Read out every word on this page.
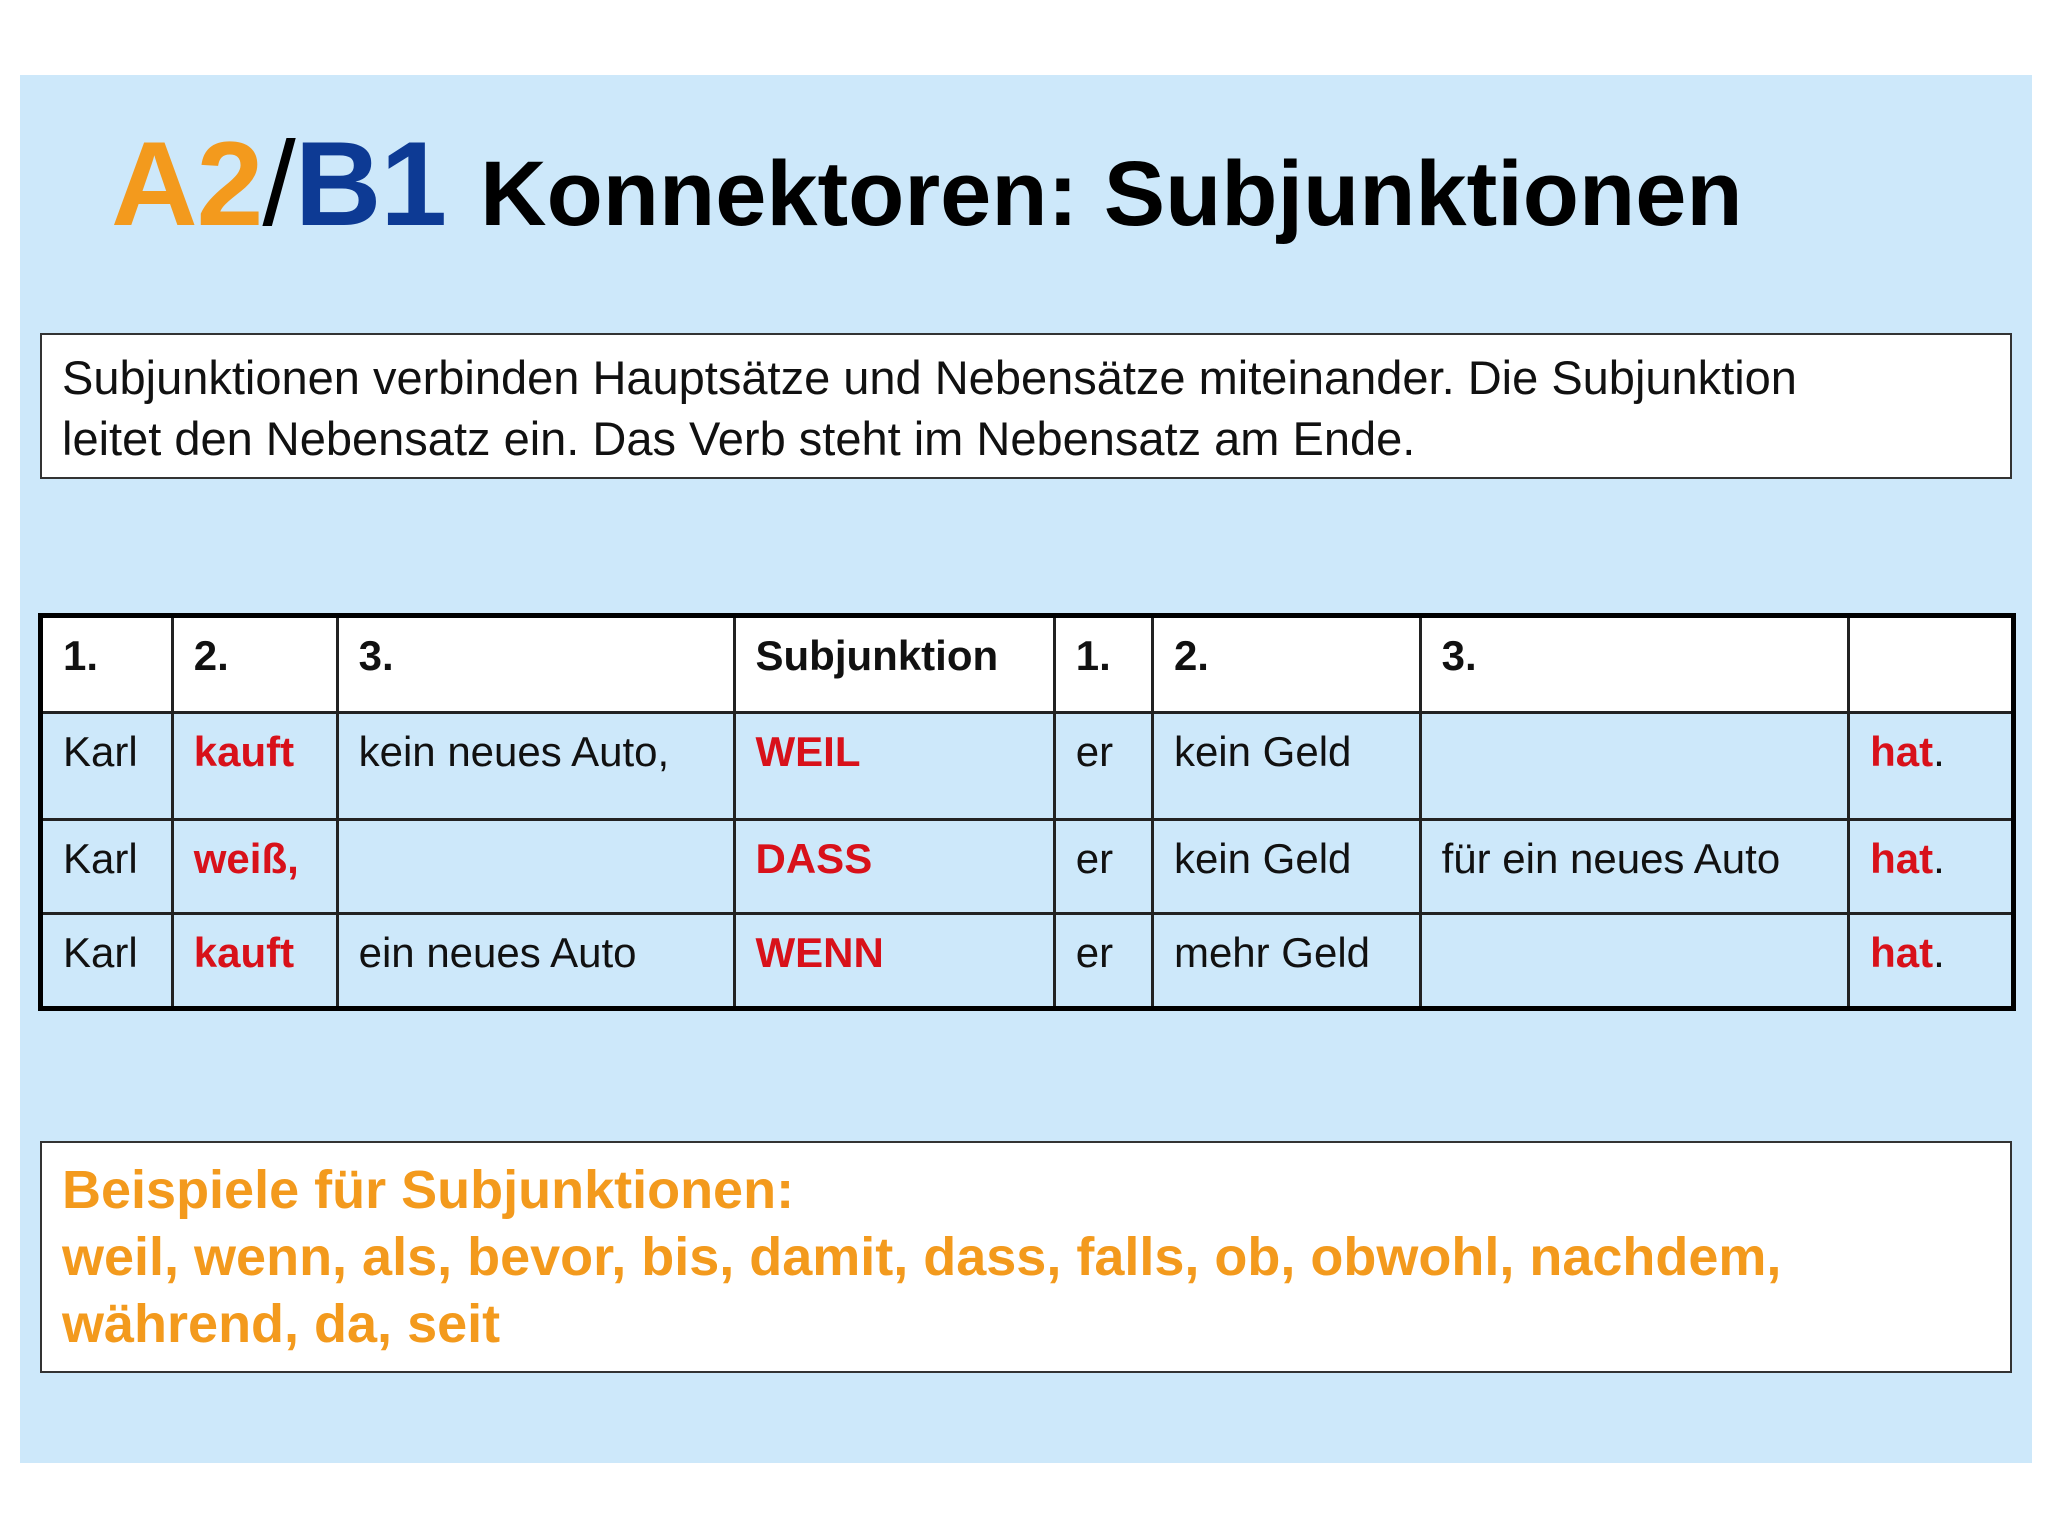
A2 / B1 Konnektoren: Subjunktionen
Subjunktionen verbinden Hauptsätze und Nebensätze miteinander. Die Subjunktion
leitet den Nebensatz ein. Das Verb steht im Nebensatz am Ende.
1.	2.	3.	Subjunktion	1.	2.	3.	
Karl	kauft	kein neues Auto,	WEIL	er	kein Geld		hat.
Karl	weiß,		DASS	er	kein Geld	für ein neues Auto	hat.
Karl	kauft	ein neues Auto	WENN	er	mehr Geld		hat.
Beispiele für Subjunktionen:
weil, wenn, als, bevor, bis, damit, dass, falls, ob, obwohl, nachdem,
während, da, seit
